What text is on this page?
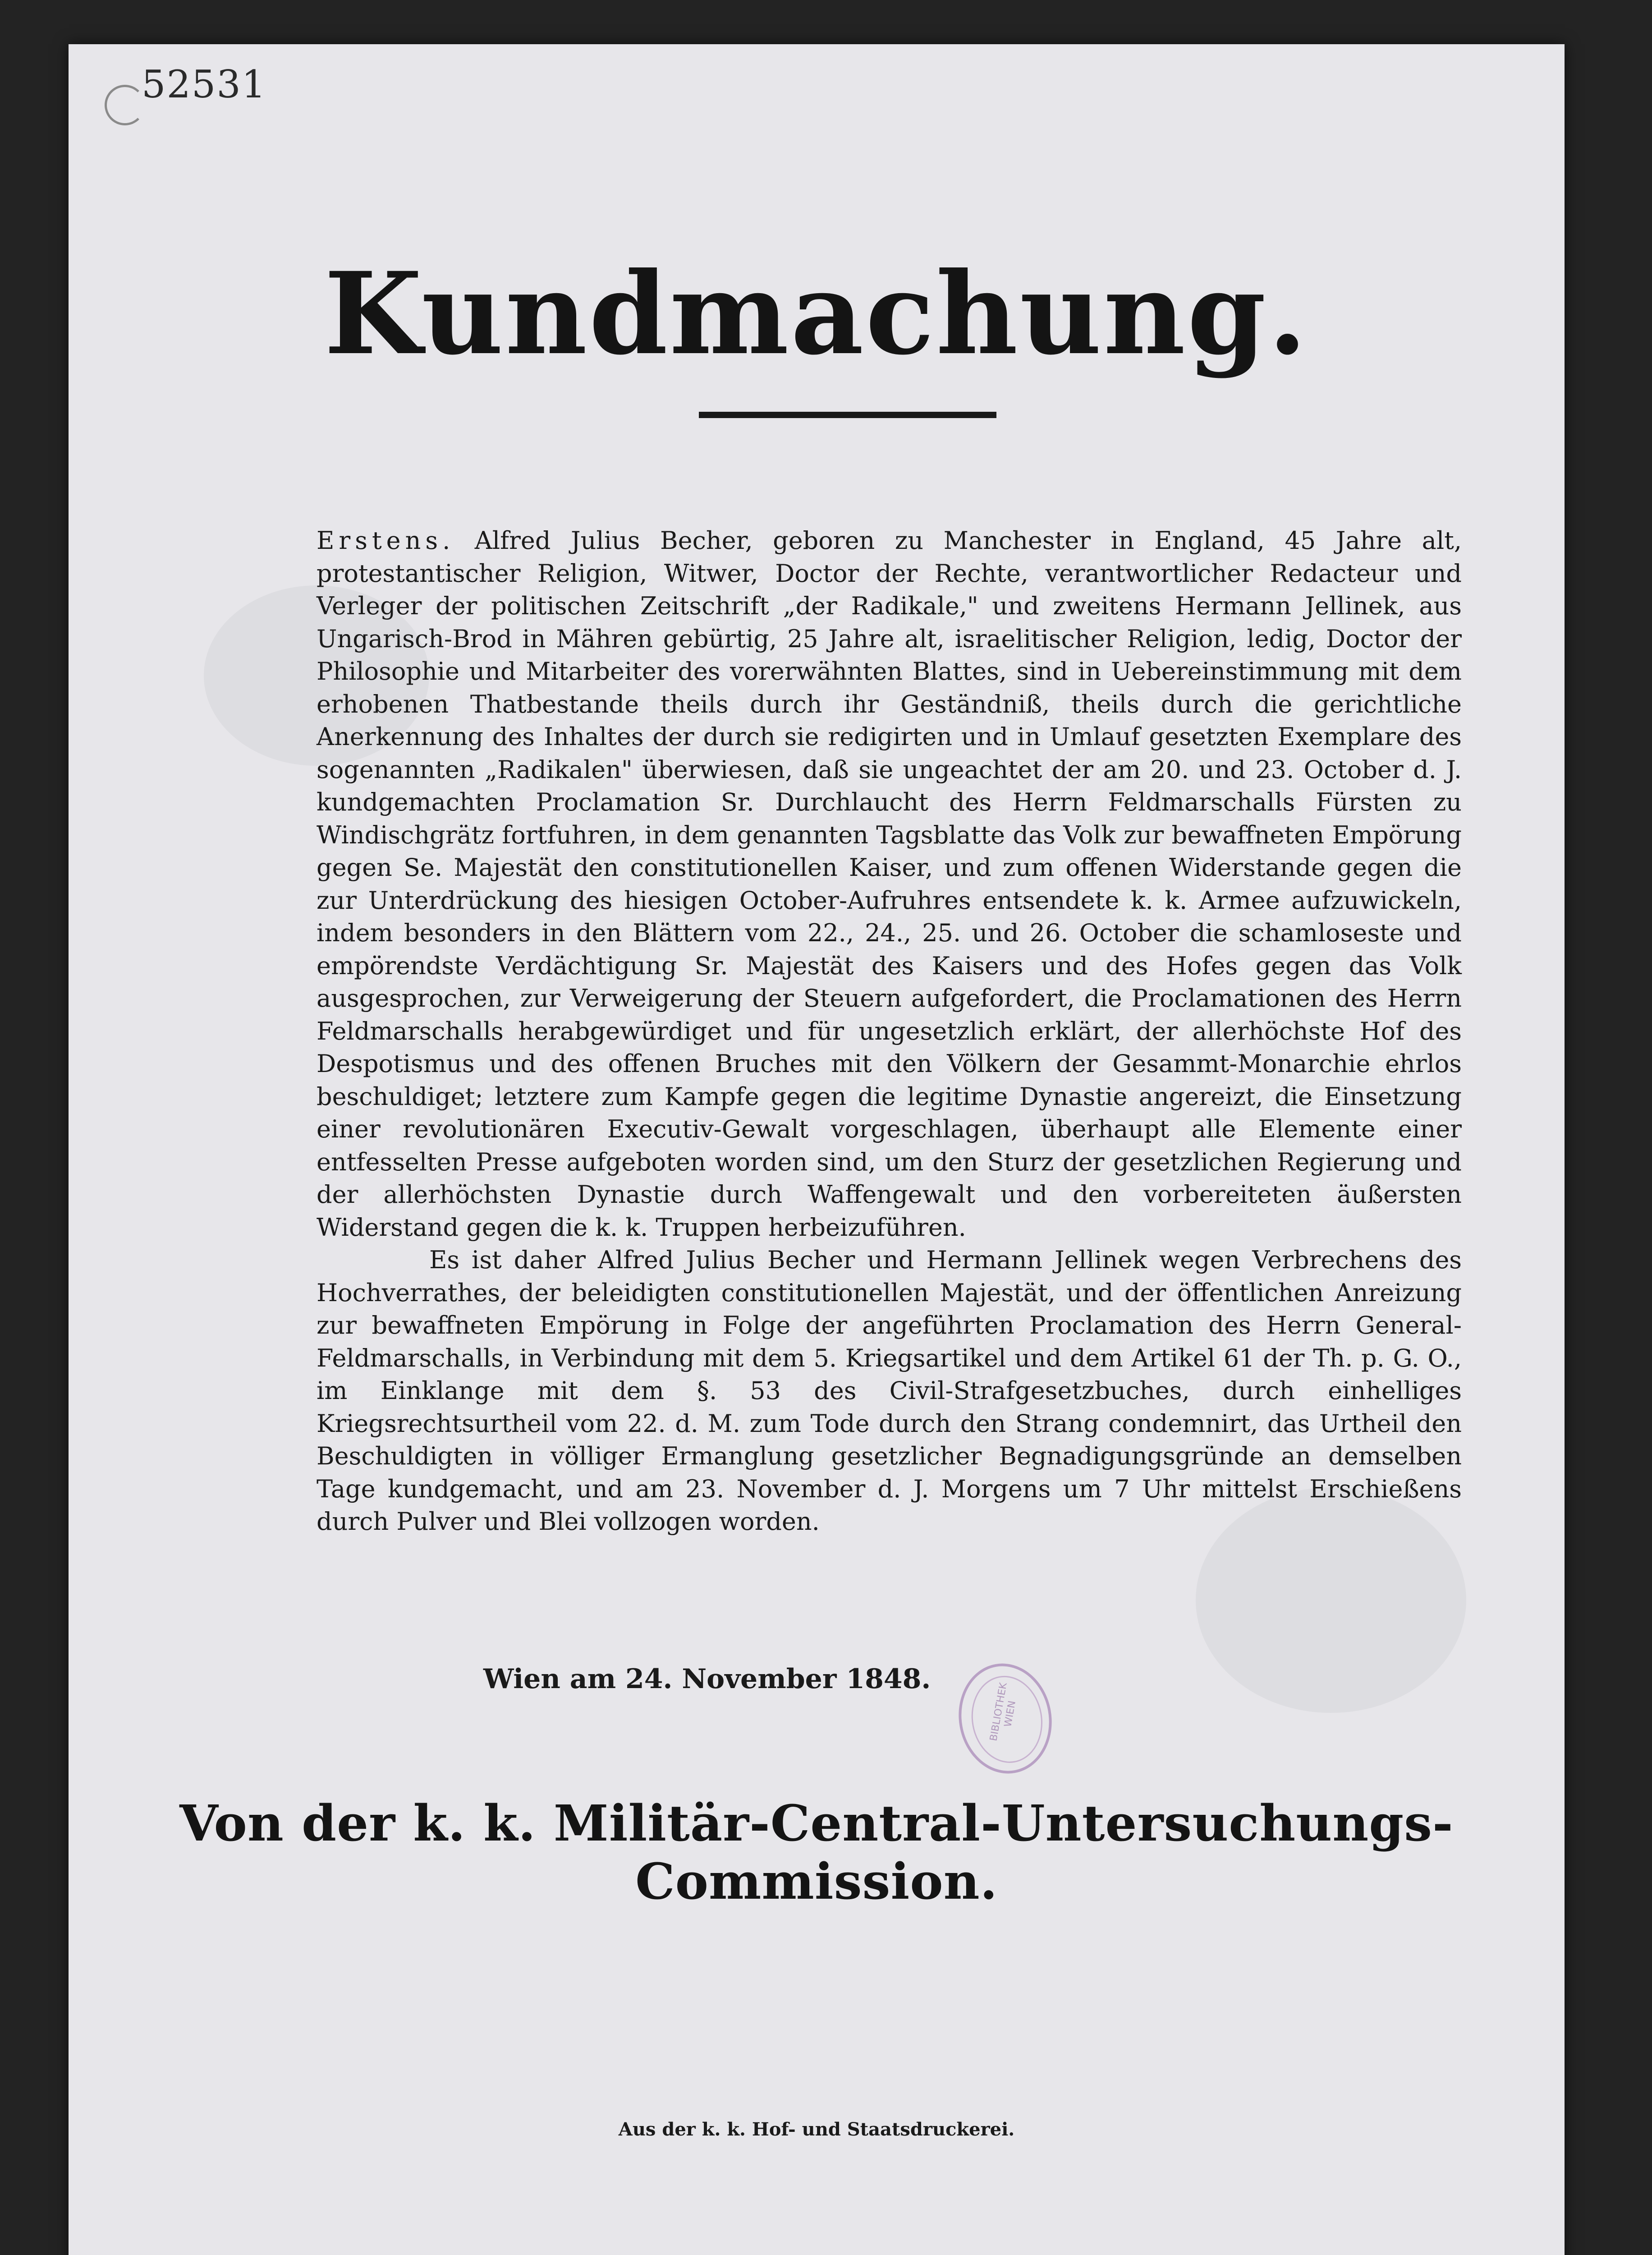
52531
Kundmachung.

Erstens. Alfred Julius Becher, geboren zu Manchester in England, 45 Jahre alt, protestantischer Religion, Witwer, Doctor der Rechte, verantwortlicher Redacteur und Verleger der politischen Zeitschrift „der Radikale," und zweitens Hermann Jellinek, aus Ungarisch-Brod in Mähren gebürtig, 25 Jahre alt, israelitischer Religion, ledig, Doctor der Philosophie und Mitarbeiter des vorerwähnten Blattes, sind in Uebereinstimmung mit dem erhobenen Thatbestande theils durch ihr Geständniß, theils durch die gerichtliche Anerkennung des Inhaltes der durch sie redigirten und in Umlauf gesetzten Exemplare des sogenannten „Radikalen" überwiesen, daß sie ungeachtet der am 20. und 23. October d. J. kundgemachten Proclamation Sr. Durchlaucht des Herrn Feldmarschalls Fürsten zu Windischgrätz fortfuhren, in dem genannten Tagsblatte das Volk zur bewaffneten Empörung gegen Se. Majestät den constitutionellen Kaiser, und zum offenen Widerstande gegen die zur Unterdrückung des hiesigen October-Aufruhres entsendete k. k. Armee aufzuwickeln, indem besonders in den Blättern vom 22., 24., 25. und 26. October die schamloseste und empörendste Verdächtigung Sr. Majestät des Kaisers und des Hofes gegen das Volk ausgesprochen, zur Verweigerung der Steuern aufgefordert, die Proclamationen des Herrn Feldmarschalls herabgewürdiget und für ungesetzlich erklärt, der allerhöchste Hof des Despotismus und des offenen Bruches mit den Völkern der Gesammt-Monarchie ehrlos beschuldiget; letztere zum Kampfe gegen die legitime Dynastie angereizt, die Einsetzung einer revolutionären Executiv-Gewalt vorgeschlagen, überhaupt alle Elemente einer entfesselten Presse aufgeboten worden sind, um den Sturz der gesetzlichen Regierung und der allerhöchsten Dynastie durch Waffengewalt und den vorbereiteten äußersten Widerstand gegen die k. k. Truppen herbeizuführen.

Es ist daher Alfred Julius Becher und Hermann Jellinek wegen Verbrechens des Hochverrathes, der beleidigten constitutionellen Majestät, und der öffentlichen Anreizung zur bewaffneten Empörung in Folge der angeführten Proclamation des Herrn General-Feldmarschalls, in Verbindung mit dem 5. Kriegsartikel und dem Artikel 61 der Th. p. G. O., im Einklange mit dem §. 53 des Civil-Strafgesetzbuches, durch einhelliges Kriegsrechtsurtheil vom 22. d. M. zum Tode durch den Strang condemnirt, das Urtheil den Beschuldigten in völliger Ermanglung gesetzlicher Begnadigungsgründe an demselben Tage kundgemacht, und am 23. November d. J. Morgens um 7 Uhr mittelst Erschießens durch Pulver und Blei vollzogen worden.

Wien am 24. November 1848.
BIBLIOTHEK WIEN
Von der k. k. Militär-Central-Untersuchungs-Commission.
Aus der k. k. Hof- und Staatsdruckerei.
